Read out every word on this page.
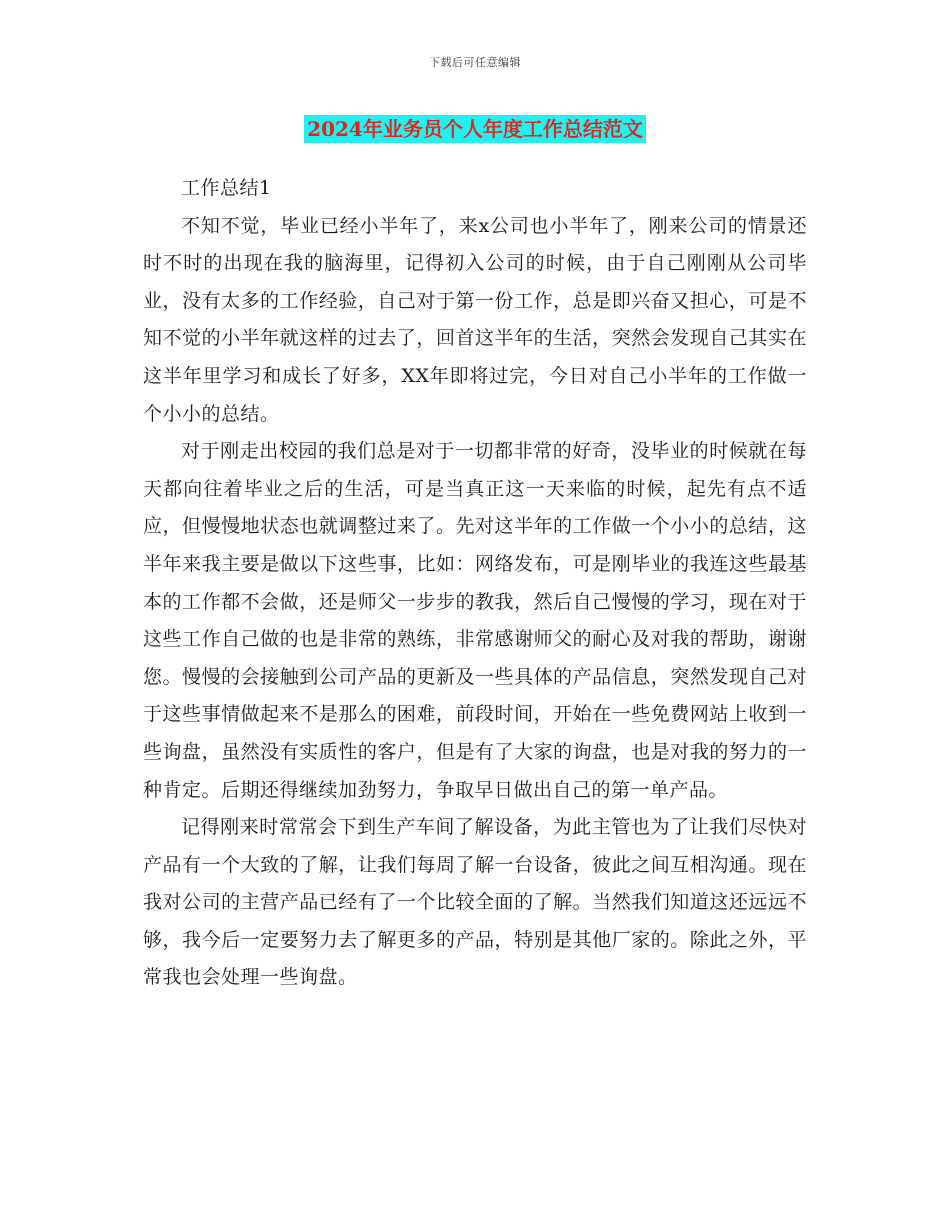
下载后可任意编辑
2024年业务员个人年度工作总结范文

工作总结1

不知不觉，毕业已经小半年了，来x公司也小半年了，刚来公司的情景还时不时的出现在我的脑海里，记得初入公司的时候，由于自己刚刚从公司毕业，没有太多的工作经验，自己对于第一份工作，总是即兴奋又担心，可是不知不觉的小半年就这样的过去了，回首这半年的生活，突然会发现自己其实在这半年里学习和成长了好多，XX年即将过完，今日对自己小半年的工作做一个小小的总结。

对于刚走出校园的我们总是对于一切都非常的好奇，没毕业的时候就在每天都向往着毕业之后的生活，可是当真正这一天来临的时候，起先有点不适应，但慢慢地状态也就调整过来了。先对这半年的工作做一个小小的总结，这半年来我主要是做以下这些事，比如：网络发布，可是刚毕业的我连这些最基本的工作都不会做，还是师父一步步的教我，然后自己慢慢的学习，现在对于这些工作自己做的也是非常的熟练，非常感谢师父的耐心及对我的帮助，谢谢您。慢慢的会接触到公司产品的更新及一些具体的产品信息，突然发现自己对于这些事情做起来不是那么的困难，前段时间，开始在一些免费网站上收到一些询盘，虽然没有实质性的客户，但是有了大家的询盘，也是对我的努力的一种肯定。后期还得继续加劲努力，争取早日做出自己的第一单产品。

记得刚来时常常会下到生产车间了解设备，为此主管也为了让我们尽快对产品有一个大致的了解，让我们每周了解一台设备，彼此之间互相沟通。现在我对公司的主营产品已经有了一个比较全面的了解。当然我们知道这还远远不够，我今后一定要努力去了解更多的产品，特别是其他厂家的。除此之外，平常我也会处理一些询盘。
